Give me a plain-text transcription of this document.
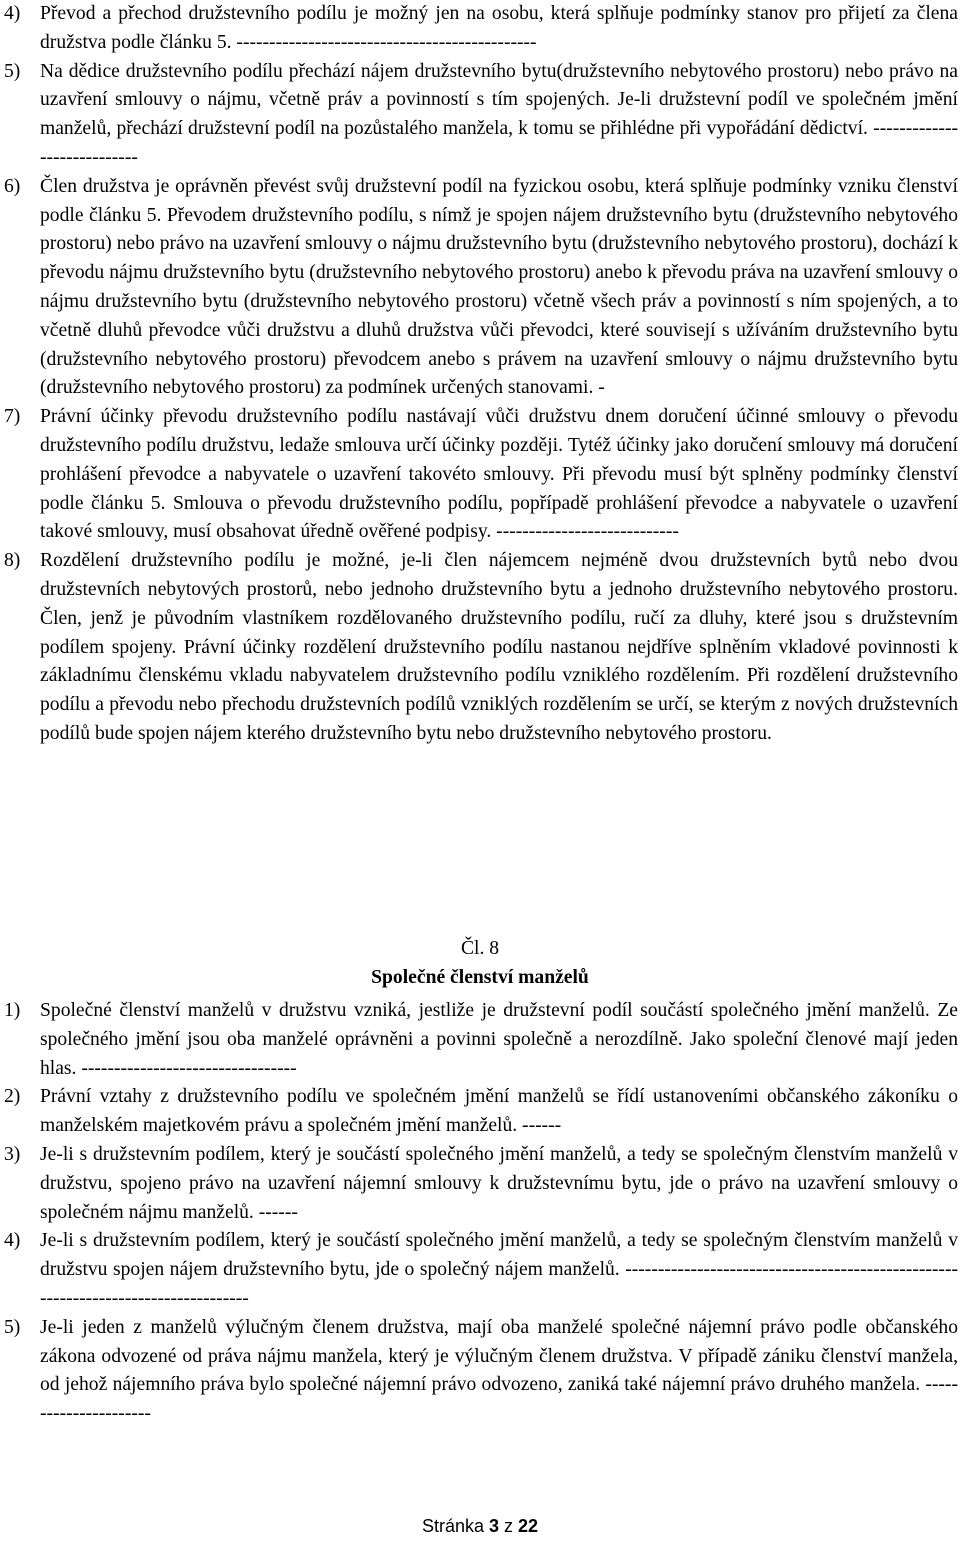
4)	Převod a přechod družstevního podílu je možný jen na osobu, která splňuje podmínky stanov pro přijetí za člena družstva podle článku 5. ----------------------------------------------
5)	Na dědice družstevního podílu přechází nájem družstevního bytu(družstevního nebytového prostoru) nebo právo na uzavření smlouvy o nájmu, včetně práv a povinností s tím spojených. Je-li družstevní podíl ve společném jmění manželů, přechází družstevní podíl na pozůstalého manžela, k tomu se přihlédne při vypořádání dědictví. ----------------------------
6)	Člen družstva je oprávněn převést svůj družstevní podíl na fyzickou osobu, která splňuje podmínky vzniku členství podle článku 5. Převodem družstevního podílu, s nímž je spojen nájem družstevního bytu (družstevního nebytového prostoru) nebo právo na uzavření smlouvy o nájmu družstevního bytu (družstevního nebytového prostoru), dochází k převodu nájmu družstevního bytu (družstevního nebytového prostoru) anebo k převodu práva na uzavření smlouvy o nájmu družstevního bytu (družstevního nebytového prostoru) včetně všech práv a povinností s ním spojených, a to včetně dluhů převodce vůči družstvu a dluhů družstva vůči převodci, které souvisejí s užíváním družstevního bytu (družstevního nebytového prostoru) převodcem anebo s právem na uzavření smlouvy o nájmu družstevního bytu (družstevního nebytového prostoru) za podmínek určených stanovami. -
7)	Právní účinky převodu družstevního podílu nastávají vůči družstvu dnem doručení účinné smlouvy o převodu družstevního podílu družstvu, ledaže smlouva určí účinky později. Tytéž účinky jako doručení smlouvy má doručení prohlášení převodce a nabyvatele o uzavření takovéto smlouvy. Při převodu musí být splněny podmínky členství podle článku 5. Smlouva o převodu družstevního podílu, popřípadě prohlášení převodce a nabyvatele o uzavření takové smlouvy, musí obsahovat úředně ověřené podpisy. ----------------------------
8)	Rozdělení družstevního podílu je možné, je-li člen nájemcem nejméně dvou družstevních bytů nebo dvou družstevních nebytových prostorů, nebo jednoho družstevního bytu a jednoho družstevního nebytového prostoru. Člen, jenž je původním vlastníkem rozdělovaného družstevního podílu, ručí za dluhy, které jsou s družstevním podílem spojeny. Právní účinky rozdělení družstevního podílu nastanou nejdříve splněním vkladové povinnosti k základnímu členskému vkladu nabyvatelem družstevního podílu vzniklého rozdělením. Při rozdělení družstevního podílu a převodu nebo přechodu družstevních podílů vzniklých rozdělením se určí, se kterým z nových družstevních podílů bude spojen nájem kterého družstevního bytu nebo družstevního nebytového prostoru.
Čl. 8
Společné členství manželů
1)	Společné členství manželů v družstvu vzniká, jestliže je družstevní podíl součástí společného jmění manželů. Ze společného jmění jsou oba manželé oprávněni a povinni společně a nerozdílně. Jako společní členové mají jeden hlas. ---------------------------------
2)	Právní vztahy z družstevního podílu ve společném jmění manželů se řídí ustanoveními občanského zákoníku o manželském majetkovém právu a společném jmění manželů. ------
3)	Je-li s družstevním podílem, který je součástí společného jmění manželů, a tedy se společným členstvím manželů v družstvu, spojeno právo na uzavření nájemní smlouvy k družstevnímu bytu, jde o právo na uzavření smlouvy o společném nájmu manželů. ------
4)	Je-li s družstevním podílem, který je součástí společného jmění manželů, a tedy se společným členstvím manželů v družstvu spojen nájem družstevního bytu, jde o společný nájem manželů. -----------------------------------------------------------------------------------
5)	Je-li jeden z manželů výlučným členem družstva, mají oba manželé společné nájemní právo podle občanského zákona odvozené od práva nájmu manžela, který je výlučným členem družstva. V případě zániku členství manžela, od jehož nájemního práva bylo společné nájemní právo odvozeno, zaniká také nájemní právo druhého manžela. ----------------------
Stránka 3 z 22
